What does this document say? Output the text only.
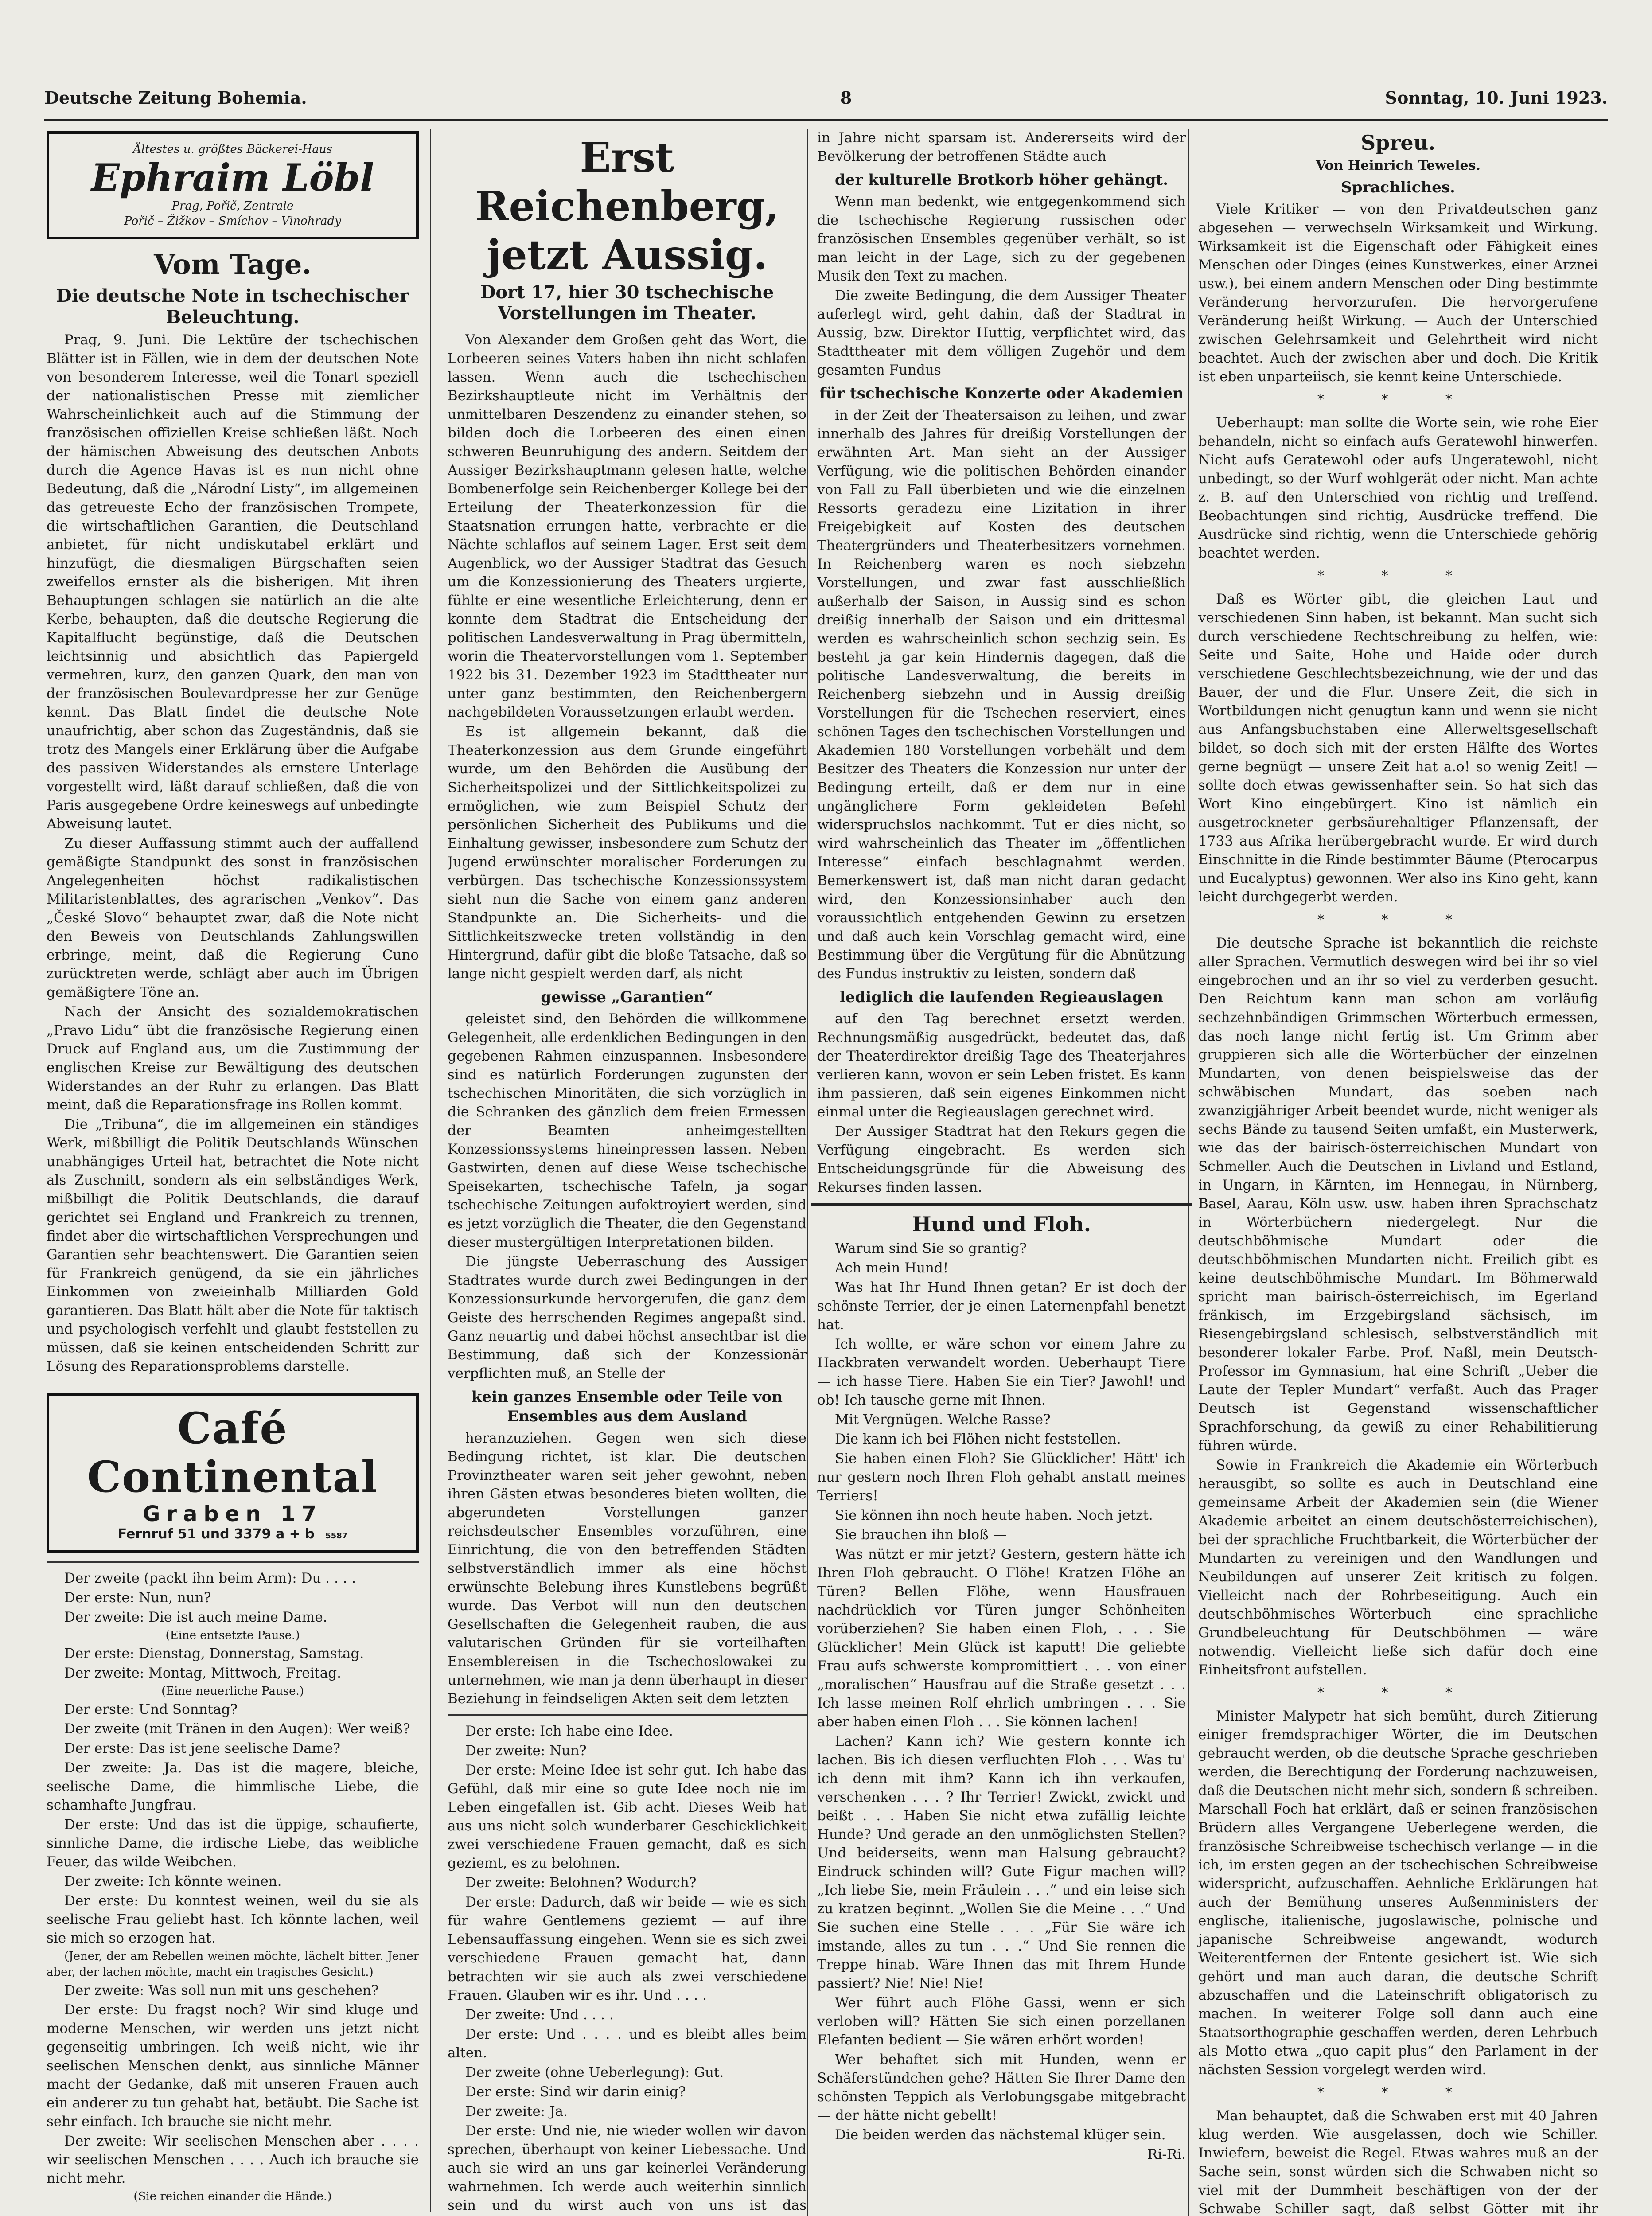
Deutsche Zeitung Bohemia.	8	Sonntag, 10. Juni 1923.
Ältestes u. größtes Bäckerei-Haus
Ephraim Löbl
Prag, Pořič, Zentrale
Pořič – Žižkov – Smíchov – Vinohrady
Vom Tage.
Die deutsche Note in tschechischer Beleuchtung.

Prag, 9. Juni. Die Lektüre der tschechischen Blätter ist in Fällen, wie in dem der deutschen Note von besonderem Interesse, weil die Tonart speziell der nationalistischen Presse mit ziemlicher Wahrscheinlichkeit auch auf die Stimmung der französischen offiziellen Kreise schließen läßt. Noch der hämischen Abweisung des deutschen Anbots durch die Agence Havas ist es nun nicht ohne Bedeutung, daß die „Národní Listy“, im allgemeinen das getreueste Echo der französischen Trompete, die wirtschaftlichen Garantien, die Deutschland anbietet, für nicht undiskutabel erklärt und hinzufügt, die diesmaligen Bürgschaften seien zweifellos ernster als die bisherigen. Mit ihren Behauptungen schlagen sie natürlich an die alte Kerbe, behaupten, daß die deutsche Regierung die Kapitalflucht begünstige, daß die Deutschen leichtsinnig und absichtlich das Papiergeld vermehren, kurz, den ganzen Quark, den man von der französischen Boulevardpresse her zur Genüge kennt. Das Blatt findet die deutsche Note unaufrichtig, aber schon das Zugeständnis, daß sie trotz des Mangels einer Erklärung über die Aufgabe des passiven Widerstandes als ernstere Unterlage vorgestellt wird, läßt darauf schließen, daß die von Paris ausgegebene Ordre keineswegs auf unbedingte Abweisung lautet.

Zu dieser Auffassung stimmt auch der auffallend gemäßigte Standpunkt des sonst in französischen Angelegenheiten höchst radikalistischen Militaristenblattes, des agrarischen „Venkov“. Das „České Slovo“ behauptet zwar, daß die Note nicht den Beweis von Deutschlands Zahlungswillen erbringe, meint, daß die Regierung Cuno zurücktreten werde, schlägt aber auch im Übrigen gemäßigtere Töne an.

Nach der Ansicht des sozialdemokratischen „Pravo Lidu“ übt die französische Regierung einen Druck auf England aus, um die Zustimmung der englischen Kreise zur Bewältigung des deutschen Widerstandes an der Ruhr zu erlangen. Das Blatt meint, daß die Reparationsfrage ins Rollen kommt.

Die „Tribuna“, die im allgemeinen ein ständiges Werk, mißbilligt die Politik Deutschlands Wünschen unabhängiges Urteil hat, betrachtet die Note nicht als Zuschnitt, sondern als ein selbständiges Werk, mißbilligt die Politik Deutschlands, die darauf gerichtet sei England und Frankreich zu trennen, findet aber die wirtschaftlichen Versprechungen und Garantien sehr beachtenswert. Die Garantien seien für Frankreich genügend, da sie ein jährliches Einkommen von zweieinhalb Milliarden Gold garantieren. Das Blatt hält aber die Note für taktisch und psychologisch verfehlt und glaubt feststellen zu müssen, daß sie keinen entscheidenden Schritt zur Lösung des Reparationsproblems darstelle.

Café Continental
Graben 17
Fernruf 51 und 3379 a + b 5587

Der zweite (packt ihn beim Arm): Du . . . .

Der erste: Nun, nun?

Der zweite: Die ist auch meine Dame.

(Eine entsetzte Pause.)

Der erste: Dienstag, Donnerstag, Samstag.

Der zweite: Montag, Mittwoch, Freitag.

(Eine neuerliche Pause.)

Der erste: Und Sonntag?

Der zweite (mit Tränen in den Augen): Wer weiß?

Der erste: Das ist jene seelische Dame?

Der zweite: Ja. Das ist die magere, bleiche, seelische Dame, die himmlische Liebe, die schamhafte Jungfrau.

Der erste: Und das ist die üppige, schaufierte, sinnliche Dame, die irdische Liebe, das weibliche Feuer, das wilde Weibchen.

Der zweite: Ich könnte weinen.

Der erste: Du konntest weinen, weil du sie als seelische Frau geliebt hast. Ich könnte lachen, weil sie mich so erzogen hat.

(Jener, der am Rebellen weinen möchte, lächelt bitter. Jener aber, der lachen möchte, macht ein tragisches Gesicht.)

Der zweite: Was soll nun mit uns geschehen?

Der erste: Du fragst noch? Wir sind kluge und moderne Menschen, wir werden uns jetzt nicht gegenseitig umbringen. Ich weiß nicht, wie ihr seelischen Menschen denkt, aus sinnliche Männer macht der Gedanke, daß mit unseren Frauen auch ein anderer zu tun gehabt hat, betäubt. Die Sache ist sehr einfach. Ich brauche sie nicht mehr.

Der zweite: Wir seelischen Menschen aber . . . . wir seelischen Menschen . . . . Auch ich brauche sie nicht mehr.

(Sie reichen einander die Hände.)

Erst Reichenberg, jetzt Aussig.
Dort 17, hier 30 tschechische Vorstellungen im Theater.

Von Alexander dem Großen geht das Wort, die Lorbeeren seines Vaters haben ihn nicht schlafen lassen. Wenn auch die tschechischen Bezirkshauptleute nicht im Verhältnis der unmittelbaren Deszendenz zu einander stehen, so bilden doch die Lorbeeren des einen einen schweren Beunruhigung des andern. Seitdem der Aussiger Bezirkshauptmann gelesen hatte, welche Bombenerfolge sein Reichenberger Kollege bei der Erteilung der Theaterkonzession für die Staatsnation errungen hatte, verbrachte er die Nächte schlaflos auf seinem Lager. Erst seit dem Augenblick, wo der Aussiger Stadtrat das Gesuch um die Konzessionierung des Theaters urgierte, fühlte er eine wesentliche Erleichterung, denn er konnte dem Stadtrat die Entscheidung der politischen Landesverwaltung in Prag übermitteln, worin die Theatervorstellungen vom 1. September 1922 bis 31. Dezember 1923 im Stadttheater nur unter ganz bestimmten, den Reichenbergern nachgebildeten Voraussetzungen erlaubt werden.

Es ist allgemein bekannt, daß die Theaterkonzession aus dem Grunde eingeführt wurde, um den Behörden die Ausübung der Sicherheitspolizei und der Sittlichkeitspolizei zu ermöglichen, wie zum Beispiel Schutz der persönlichen Sicherheit des Publikums und die Einhaltung gewisser, insbesondere zum Schutz der Jugend erwünschter moralischer Forderungen zu verbürgen. Das tschechische Konzessionssystem sieht nun die Sache von einem ganz anderen Standpunkte an. Die Sicherheits- und die Sittlichkeitszwecke treten vollständig in den Hintergrund, dafür gibt die bloße Tatsache, daß so lange nicht gespielt werden darf, als nicht

gewisse „Garantien“

geleistet sind, den Behörden die willkommene Gelegenheit, alle erdenklichen Bedingungen in den gegebenen Rahmen einzuspannen. Insbesondere sind es natürlich Forderungen zugunsten der tschechischen Minoritäten, die sich vorzüglich in die Schranken des gänzlich dem freien Ermessen der Beamten anheimgestellten Konzessionssystems hineinpressen lassen. Neben Gastwirten, denen auf diese Weise tschechische Speisekarten, tschechische Tafeln, ja sogar tschechische Zeitungen aufoktroyiert werden, sind es jetzt vorzüglich die Theater, die den Gegenstand dieser mustergültigen Interpretationen bilden.

Die jüngste Ueberraschung des Aussiger Stadtrates wurde durch zwei Bedingungen in der Konzessionsurkunde hervorgerufen, die ganz dem Geiste des herrschenden Regimes angepaßt sind. Ganz neuartig und dabei höchst ansechtbar ist die Bestimmung, daß sich der Konzessionär verpflichten muß, an Stelle der

kein ganzes Ensemble oder Teile von Ensembles aus dem Ausland

heranzuziehen. Gegen wen sich diese Bedingung richtet, ist klar. Die deutschen Provinztheater waren seit jeher gewohnt, neben ihren Gästen etwas besonderes bieten wollten, die abgerundeten Vorstellungen ganzer reichsdeutscher Ensembles vorzuführen, eine Einrichtung, die von den betreffenden Städten selbstverständlich immer als eine höchst erwünschte Belebung ihres Kunstlebens begrüßt wurde. Das Verbot will nun den deutschen Gesellschaften die Gelegenheit rauben, die aus valutarischen Gründen für sie vorteilhaften Ensemblereisen in die Tschechoslowakei zu unternehmen, wie man ja denn überhaupt in dieser Beziehung in feindseligen Akten seit dem letzten

Der erste: Ich habe eine Idee.

Der zweite: Nun?

Der erste: Meine Idee ist sehr gut. Ich habe das Gefühl, daß mir eine so gute Idee noch nie im Leben eingefallen ist. Gib acht. Dieses Weib hat aus uns nicht solch wunderbarer Geschicklichkeit zwei verschiedene Frauen gemacht, daß es sich geziemt, es zu belohnen.

Der zweite: Belohnen? Wodurch?

Der erste: Dadurch, daß wir beide — wie es sich für wahre Gentlemens geziemt — auf ihre Lebensauffassung eingehen. Wenn sie es sich zwei verschiedene Frauen gemacht hat, dann betrachten wir sie auch als zwei verschiedene Frauen. Glauben wir es ihr. Und . . . .

Der zweite: Und . . . .

Der erste: Und . . . . und es bleibt alles beim alten.

Der zweite (ohne Ueberlegung): Gut.

Der erste: Sind wir darin einig?

Der zweite: Ja.

Der erste: Und nie, nie wieder wollen wir davon sprechen, überhaupt von keiner Liebessache. Und auch sie wird an uns gar keinerlei Veränderung wahrnehmen. Ich werde auch weiterhin sinnlich sein und du wirst auch von uns ist das

in Jahre nicht sparsam ist. Andererseits wird der Bevölkerung der betroffenen Städte auch

der kulturelle Brotkorb höher gehängt.

Wenn man bedenkt, wie entgegenkommend sich die tschechische Regierung russischen oder französischen Ensembles gegenüber verhält, so ist man leicht in der Lage, sich zu der gegebenen Musik den Text zu machen.

Die zweite Bedingung, die dem Aussiger Theater auferlegt wird, geht dahin, daß der Stadtrat in Aussig, bzw. Direktor Huttig, verpflichtet wird, das Stadttheater mit dem völligen Zugehör und dem gesamten Fundus

für tschechische Konzerte oder Akademien

in der Zeit der Theatersaison zu leihen, und zwar innerhalb des Jahres für dreißig Vorstellungen der erwähnten Art. Man sieht an der Aussiger Verfügung, wie die politischen Behörden einander von Fall zu Fall überbieten und wie die einzelnen Ressorts geradezu eine Lizitation in ihrer Freigebigkeit auf Kosten des deutschen Theatergründers und Theaterbesitzers vornehmen. In Reichenberg waren es noch siebzehn Vorstellungen, und zwar fast ausschließlich außerhalb der Saison, in Aussig sind es schon dreißig innerhalb der Saison und ein drittesmal werden es wahrscheinlich schon sechzig sein. Es besteht ja gar kein Hindernis dagegen, daß die politische Landesverwaltung, die bereits in Reichenberg siebzehn und in Aussig dreißig Vorstellungen für die Tschechen reserviert, eines schönen Tages den tschechischen Vorstellungen und Akademien 180 Vorstellungen vorbehält und dem Besitzer des Theaters die Konzession nur unter der Bedingung erteilt, daß er dem nur in eine ungänglichere Form gekleideten Befehl widerspruchslos nachkommt. Tut er dies nicht, so wird wahrscheinlich das Theater im „öffentlichen Interesse“ einfach beschlagnahmt werden. Bemerkenswert ist, daß man nicht daran gedacht wird, den Konzessionsinhaber auch den voraussichtlich entgehenden Gewinn zu ersetzen und daß auch kein Vorschlag gemacht wird, eine Bestimmung über die Vergütung für die Abnützung des Fundus instruktiv zu leisten, sondern daß

lediglich die laufenden Regieauslagen

auf den Tag berechnet ersetzt werden. Rechnungsmäßig ausgedrückt, bedeutet das, daß der Theaterdirektor dreißig Tage des Theaterjahres verlieren kann, wovon er sein Leben fristet. Es kann ihm passieren, daß sein eigenes Einkommen nicht einmal unter die Regieauslagen gerechnet wird.

Der Aussiger Stadtrat hat den Rekurs gegen die Verfügung eingebracht. Es werden sich Entscheidungsgründe für die Abweisung des Rekurses finden lassen.

Hund und Floh.

Warum sind Sie so grantig?

Ach mein Hund!

Was hat Ihr Hund Ihnen getan? Er ist doch der schönste Terrier, der je einen Laternenpfahl benetzt hat.

Ich wollte, er wäre schon vor einem Jahre zu Hackbraten verwandelt worden. Ueberhaupt Tiere — ich hasse Tiere. Haben Sie ein Tier? Jawohl! und ob! Ich tausche gerne mit Ihnen.

Mit Vergnügen. Welche Rasse?

Die kann ich bei Flöhen nicht feststellen.

Sie haben einen Floh? Sie Glücklicher! Hätt' ich nur gestern noch Ihren Floh gehabt anstatt meines Terriers!

Sie können ihn noch heute haben. Noch jetzt.

Sie brauchen ihn bloß —

Was nützt er mir jetzt? Gestern, gestern hätte ich Ihren Floh gebraucht. O Flöhe! Kratzen Flöhe an Türen? Bellen Flöhe, wenn Hausfrauen nachdrücklich vor Türen junger Schönheiten vorüberziehen? Sie haben einen Floh, . . . Sie Glücklicher! Mein Glück ist kaputt! Die geliebte Frau aufs schwerste kompromittiert . . . von einer „moralischen“ Hausfrau auf die Straße gesetzt . . . Ich lasse meinen Rolf ehrlich umbringen . . . Sie aber haben einen Floh . . . Sie können lachen!

Lachen? Kann ich? Wie gestern konnte ich lachen. Bis ich diesen verfluchten Floh . . . Was tu' ich denn mit ihm? Kann ich ihn verkaufen, verschenken . . . ? Ihr Terrier! Zwickt, zwickt und beißt . . . Haben Sie nicht etwa zufällig leichte Hunde? Und gerade an den unmöglichsten Stellen? Und beiderseits, wenn man Halsung gebraucht? Eindruck schinden will? Gute Figur machen will? „Ich liebe Sie, mein Fräulein . . .“ und ein leise sich zu kratzen beginnt. „Wollen Sie die Meine . . .“ Und Sie suchen eine Stelle . . . „Für Sie wäre ich imstande, alles zu tun . . .“ Und Sie rennen die Treppe hinab. Wäre Ihnen das mit Ihrem Hunde passiert? Nie! Nie! Nie!

Wer führt auch Flöhe Gassi, wenn er sich verloben will? Hätten Sie sich einen porzellanen Elefanten bedient — Sie wären erhört worden!

Wer behaftet sich mit Hunden, wenn er Schäferstündchen gehe? Hätten Sie Ihrer Dame den schönsten Teppich als Verlobungsgabe mitgebracht — der hätte nicht gebellt!

Die beiden werden das nächstemal klüger sein.

Ri-Ri.

Spreu.
Von Heinrich Teweles.
Sprachliches.

Viele Kritiker — von den Privatdeutschen ganz abgesehen — verwechseln Wirksamkeit und Wirkung. Wirksamkeit ist die Eigenschaft oder Fähigkeit eines Menschen oder Dinges (eines Kunstwerkes, einer Arznei usw.), bei einem andern Menschen oder Ding bestimmte Veränderung hervorzurufen. Die hervorgerufene Veränderung heißt Wirkung. — Auch der Unterschied zwischen Gelehrsamkeit und Gelehrtheit wird nicht beachtet. Auch der zwischen aber und doch. Die Kritik ist eben unparteiisch, sie kennt keine Unterschiede.

* * *

Ueberhaupt: man sollte die Worte sein, wie rohe Eier behandeln, nicht so einfach aufs Geratewohl hinwerfen. Nicht aufs Geratewohl oder aufs Ungeratewohl, nicht unbedingt, so der Wurf wohlgerät oder nicht. Man achte z. B. auf den Unterschied von richtig und treffend. Beobachtungen sind richtig, Ausdrücke treffend. Die Ausdrücke sind richtig, wenn die Unterschiede gehörig beachtet werden.

* * *

Daß es Wörter gibt, die gleichen Laut und verschiedenen Sinn haben, ist bekannt. Man sucht sich durch verschiedene Rechtschreibung zu helfen, wie: Seite und Saite, Hohe und Haide oder durch verschiedene Geschlechtsbezeichnung, wie der und das Bauer, der und die Flur. Unsere Zeit, die sich in Wortbildungen nicht genugtun kann und wenn sie nicht aus Anfangsbuchstaben eine Allerweltsgesellschaft bildet, so doch sich mit der ersten Hälfte des Wortes gerne begnügt — unsere Zeit hat a.o! so wenig Zeit! — sollte doch etwas gewissenhafter sein. So hat sich das Wort Kino eingebürgert. Kino ist nämlich ein ausgetrockneter gerbsäurehaltiger Pflanzensaft, der 1733 aus Afrika herübergebracht wurde. Er wird durch Einschnitte in die Rinde bestimmter Bäume (Pterocarpus und Eucalyptus) gewonnen. Wer also ins Kino geht, kann leicht durchgegerbt werden.

* * *

Die deutsche Sprache ist bekanntlich die reichste aller Sprachen. Vermutlich deswegen wird bei ihr so viel eingebrochen und an ihr so viel zu verderben gesucht. Den Reichtum kann man schon am vorläufig sechzehnbändigen Grimmschen Wörterbuch ermessen, das noch lange nicht fertig ist. Um Grimm aber gruppieren sich alle die Wörterbücher der einzelnen Mundarten, von denen beispielsweise das der schwäbischen Mundart, das soeben nach zwanzigjähriger Arbeit beendet wurde, nicht weniger als sechs Bände zu tausend Seiten umfaßt, ein Musterwerk, wie das der bairisch-österreichischen Mundart von Schmeller. Auch die Deutschen in Livland und Estland, in Ungarn, in Kärnten, im Hennegau, in Nürnberg, Basel, Aarau, Köln usw. usw. haben ihren Sprachschatz in Wörterbüchern niedergelegt. Nur die deutschböhmische Mundart oder die deutschböhmischen Mundarten nicht. Freilich gibt es keine deutschböhmische Mundart. Im Böhmerwald spricht man bairisch-österreichisch, im Egerland fränkisch, im Erzgebirgsland sächsisch, im Riesengebirgsland schlesisch, selbstverständlich mit besonderer lokaler Farbe. Prof. Naßl, mein Deutsch-Professor im Gymnasium, hat eine Schrift „Ueber die Laute der Tepler Mundart“ verfaßt. Auch das Prager Deutsch ist Gegenstand wissenschaftlicher Sprachforschung, da gewiß zu einer Rehabilitierung führen würde.

Sowie in Frankreich die Akademie ein Wörterbuch herausgibt, so sollte es auch in Deutschland eine gemeinsame Arbeit der Akademien sein (die Wiener Akademie arbeitet an einem deutschösterreichischen), bei der sprachliche Fruchtbarkeit, die Wörterbücher der Mundarten zu vereinigen und den Wandlungen und Neubildungen auf unserer Zeit kritisch zu folgen. Vielleicht nach der Rohrbeseitigung. Auch ein deutschböhmisches Wörterbuch — eine sprachliche Grundbeleuchtung für Deutschböhmen — wäre notwendig. Vielleicht ließe sich dafür doch eine Einheitsfront aufstellen.

* * *

Minister Malypetr hat sich bemüht, durch Zitierung einiger fremdsprachiger Wörter, die im Deutschen gebraucht werden, ob die deutsche Sprache geschrieben werden, die Berechtigung der Forderung nachzuweisen, daß die Deutschen nicht mehr sich, sondern ß schreiben. Marschall Foch hat erklärt, daß er seinen französischen Brüdern alles Vergangene Ueberlegene werden, die französische Schreibweise tschechisch verlange — in die ich, im ersten gegen an der tschechischen Schreibweise widerspricht, aufzuschaffen. Aehnliche Erklärungen hat auch der Bemühung unseres Außenministers der englische, italienische, jugoslawische, polnische und japanische Schreibweise angewandt, wodurch Weiterentfernen der Entente gesichert ist. Wie sich gehört und man auch daran, die deutsche Schrift abzuschaffen und die Lateinschrift obligatorisch zu machen. In weiterer Folge soll dann auch eine Staatsorthographie geschaffen werden, deren Lehrbuch als Motto etwa „quo capit plus“ den Parlament in der nächsten Session vorgelegt werden wird.

* * *

Man behauptet, daß die Schwaben erst mit 40 Jahren klug werden. Wie ausgelassen, doch wie Schiller. Inwiefern, beweist die Regel. Etwas wahres muß an der Sache sein, sonst würden sich die Schwaben nicht so viel mit der Dummheit beschäftigen von der der Schwabe Schiller sagt, daß selbst Götter mit ihr
